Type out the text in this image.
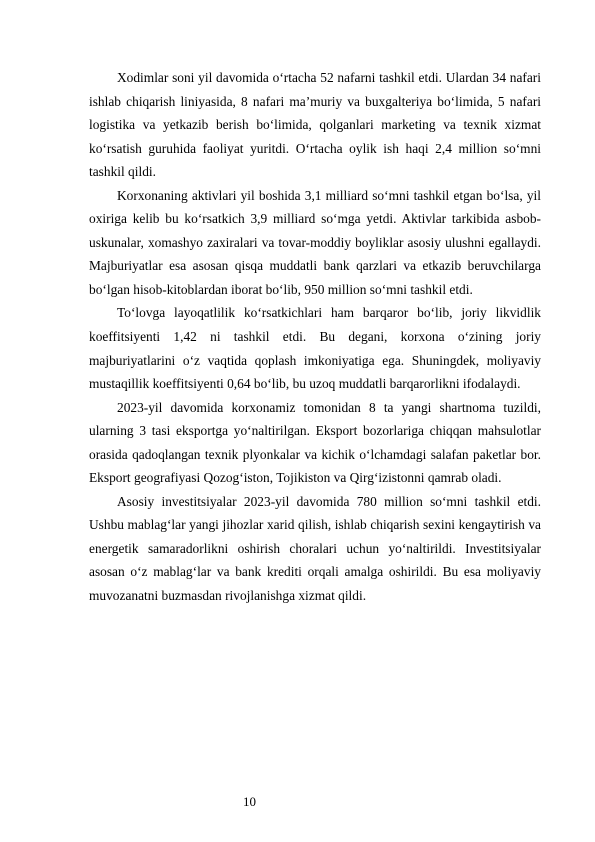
Xodimlar soni yil davomida o‘rtacha 52 nafarni tashkil etdi. Ulardan 34 nafari ishlab chiqarish liniyasida, 8 nafari ma’muriy va buxgalteriya bo‘limida, 5 nafari logistika va yetkazib berish bo‘limida, qolganlari marketing va texnik xizmat ko‘rsatish guruhida faoliyat yuritdi. O‘rtacha oylik ish haqi 2,4 million so‘mni tashkil qildi.

Korxonaning aktivlari yil boshida 3,1 milliard so‘mni tashkil etgan bo‘lsa, yil oxiriga kelib bu ko‘rsatkich 3,9 milliard so‘mga yetdi. Aktivlar tarkibida asbob-uskunalar, xomashyo zaxiralari va tovar-moddiy boyliklar asosiy ulushni egallaydi. Majburiyatlar esa asosan qisqa muddatli bank qarzlari va etkazib beruvchilarga bo‘lgan hisob-kitoblardan iborat bo‘lib, 950 million so‘mni tashkil etdi.

To‘lovga layoqatlilik ko‘rsatkichlari ham barqaror bo‘lib, joriy likvidlik koeffitsiyenti 1,42 ni tashkil etdi. Bu degani, korxona o‘zining joriy majburiyatlarini o‘z vaqtida qoplash imkoniyatiga ega. Shuningdek, moliyaviy mustaqillik koeffitsiyenti 0,64 bo‘lib, bu uzoq muddatli barqarorlikni ifodalaydi.

2023-yil davomida korxonamiz tomonidan 8 ta yangi shartnoma tuzildi, ularning 3 tasi eksportga yo‘naltirilgan. Eksport bozorlariga chiqqan mahsulotlar orasida qadoqlangan texnik plyonkalar va kichik o‘lchamdagi salafan paketlar bor. Eksport geografiyasi Qozog‘iston, Tojikiston va Qirg‘izistonni qamrab oladi.

Asosiy investitsiyalar 2023-yil davomida 780 million so‘mni tashkil etdi. Ushbu mablag‘lar yangi jihozlar xarid qilish, ishlab chiqarish sexini kengaytirish va energetik samaradorlikni oshirish choralari uchun yo‘naltirildi. Investitsiyalar asosan o‘z mablag‘lar va bank krediti orqali amalga oshirildi. Bu esa moliyaviy muvozanatni buzmasdan rivojlanishga xizmat qildi.

10
